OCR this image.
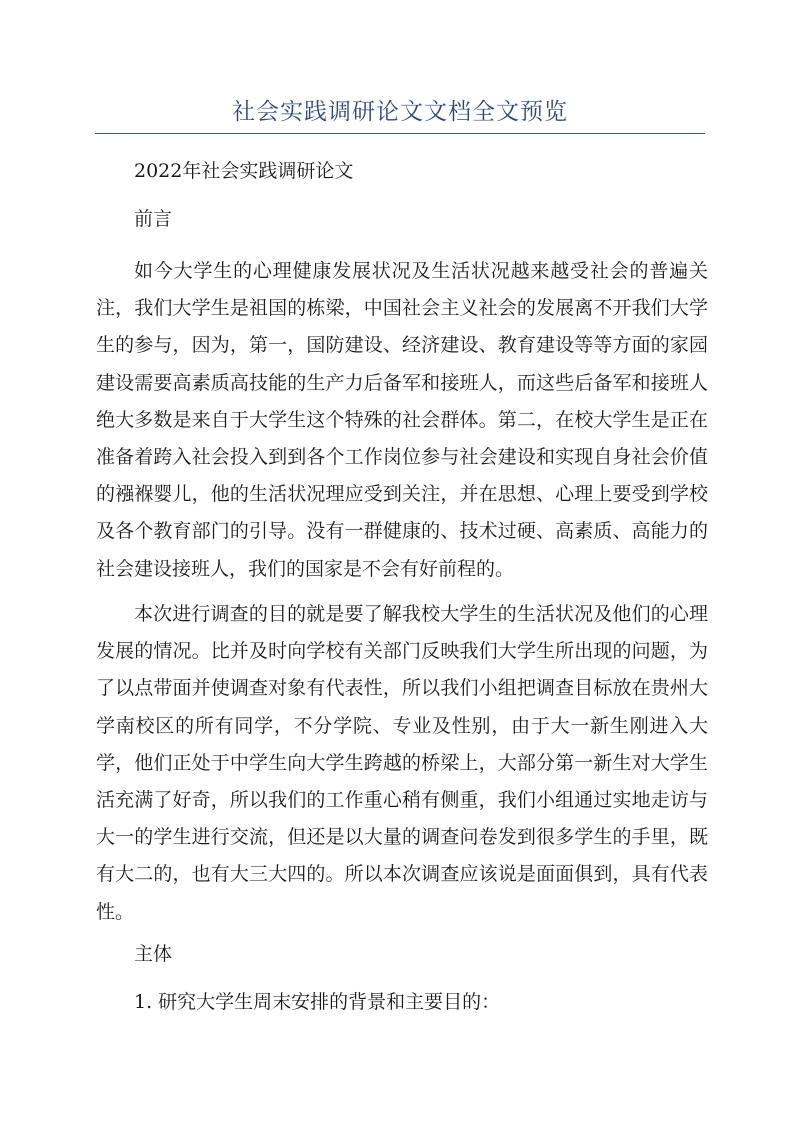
社会实践调研论文文档全文预览
2022年社会实践调研论文
前言

如今大学生的心理健康发展状况及生活状况越来越受社会的普遍关注，我们大学生是祖国的栋梁，中国社会主义社会的发展离不开我们大学生的参与，因为，第一，国防建设、经济建设、教育建设等等方面的家园建设需要高素质高技能的生产力后备军和接班人，而这些后备军和接班人绝大多数是来自于大学生这个特殊的社会群体。第二，在校大学生是正在准备着跨入社会投入到到各个工作岗位参与社会建设和实现自身社会价值的襁褓婴儿，他的生活状况理应受到关注，并在思想、心理上要受到学校及各个教育部门的引导。没有一群健康的、技术过硬、高素质、高能力的社会建设接班人，我们的国家是不会有好前程的。

本次进行调查的目的就是要了解我校大学生的生活状况及他们的心理发展的情况。比并及时向学校有关部门反映我们大学生所出现的问题，为了以点带面并使调查对象有代表性，所以我们小组把调查目标放在贵州大学南校区的所有同学，不分学院、专业及性别，由于大一新生刚进入大学，他们正处于中学生向大学生跨越的桥梁上，大部分第一新生对大学生活充满了好奇，所以我们的工作重心稍有侧重，我们小组通过实地走访与大一的学生进行交流，但还是以大量的调查问卷发到很多学生的手里，既有大二的，也有大三大四的。所以本次调查应该说是面面俱到，具有代表性。

主体
1. 研究大学生周末安排的背景和主要目的：
